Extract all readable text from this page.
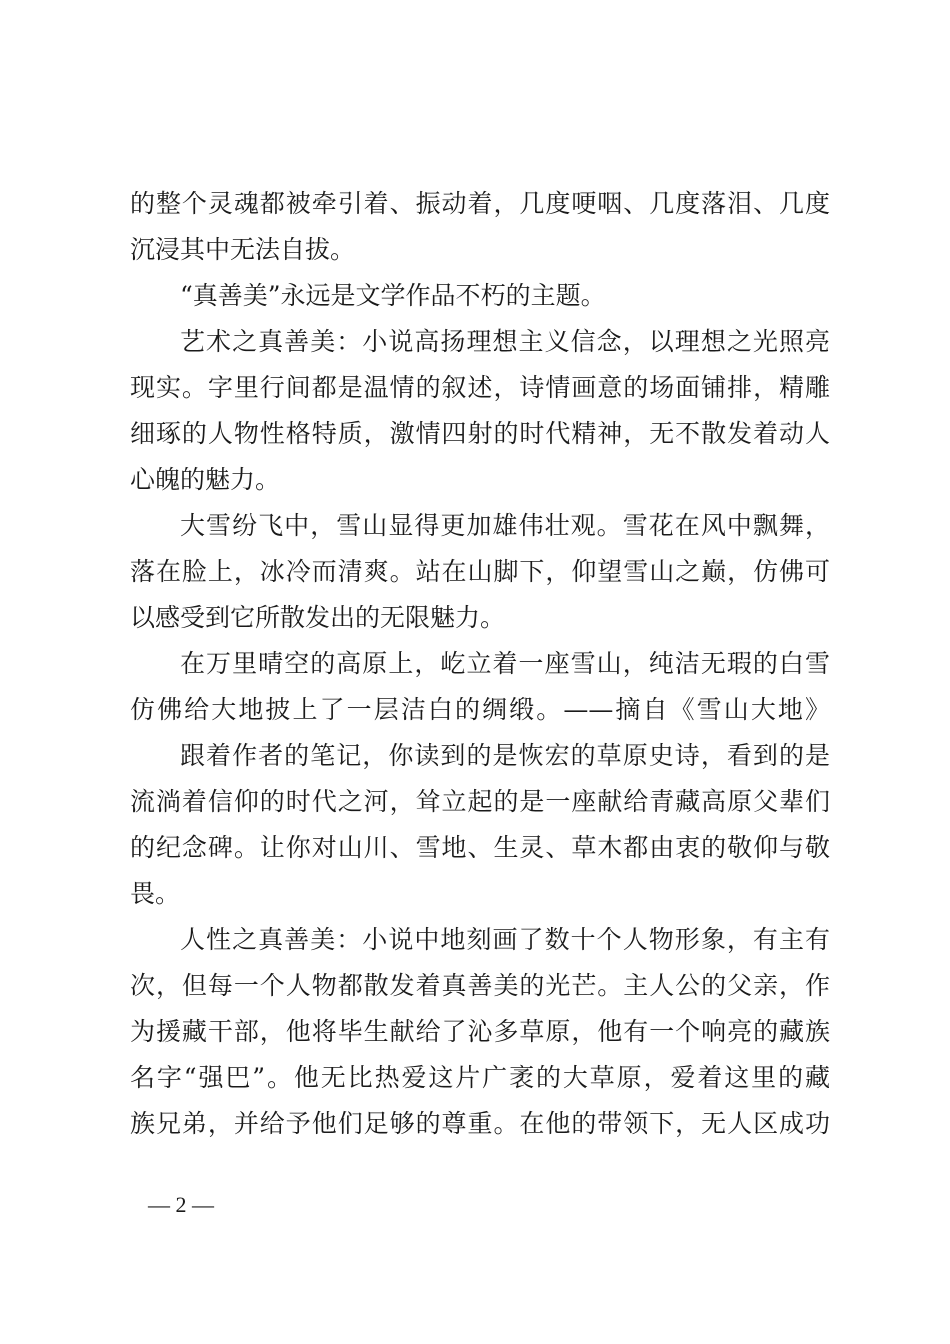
的整个灵魂都被牵引着、振动着，几度哽咽、几度落泪、几度
沉浸其中无法自拔。
“真善美”永远是文学作品不朽的主题。
艺术之真善美：小说高扬理想主义信念，以理想之光照亮
现实。字里行间都是温情的叙述，诗情画意的场面铺排，精雕
细琢的人物性格特质，激情四射的时代精神，无不散发着动人
心魄的魅力。
大雪纷飞中，雪山显得更加雄伟壮观。雪花在风中飘舞，
落在脸上，冰冷而清爽。站在山脚下，仰望雪山之巅，仿佛可
以感受到它所散发出的无限魅力。
在万里晴空的高原上，屹立着一座雪山，纯洁无瑕的白雪
仿佛给大地披上了一层洁白的绸缎。——摘自《雪山大地》
跟着作者的笔记，你读到的是恢宏的草原史诗，看到的是
流淌着信仰的时代之河，耸立起的是一座献给青藏高原父辈们
的纪念碑。让你对山川、雪地、生灵、草木都由衷的敬仰与敬
畏。
人性之真善美：小说中地刻画了数十个人物形象，有主有
次，但每一个人物都散发着真善美的光芒。主人公的父亲，作
为援藏干部，他将毕生献给了沁多草原，他有一个响亮的藏族
名字“强巴”。他无比热爱这片广袤的大草原，爱着这里的藏
族兄弟，并给予他们足够的尊重。在他的带领下，无人区成功
— 2 —
